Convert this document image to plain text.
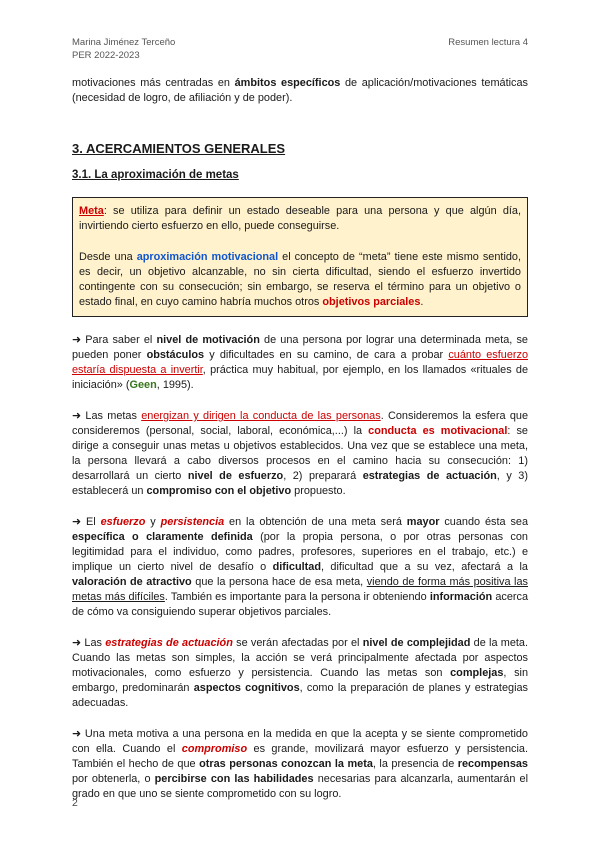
Marina Jiménez Terceño
PER 2022-2023
Resumen lectura 4

motivaciones más centradas en ámbitos específicos de aplicación/motivaciones temáticas (necesidad de logro, de afiliación y de poder).

3. ACERCAMIENTOS GENERALES
3.1. La aproximación de metas

Meta: se utiliza para definir un estado deseable para una persona y que algún día, invirtiendo cierto esfuerzo en ello, puede conseguirse.

Desde una aproximación motivacional el concepto de “meta” tiene este mismo sentido, es decir, un objetivo alcanzable, no sin cierta dificultad, siendo el esfuerzo invertido contingente con su consecución; sin embargo, se reserva el término para un objetivo o estado final, en cuyo camino habría muchos otros objetivos parciales.

➜ Para saber el nivel de motivación de una persona por lograr una determinada meta, se pueden poner obstáculos y dificultades en su camino, de cara a probar cuánto esfuerzo estaría dispuesta a invertir, práctica muy habitual, por ejemplo, en los llamados «rituales de iniciación» (Geen, 1995).

➜ Las metas energizan y dirigen la conducta de las personas. Consideremos la esfera que consideremos (personal, social, laboral, económica,...) la conducta es motivacional: se dirige a conseguir unas metas u objetivos establecidos. Una vez que se establece una meta, la persona llevará a cabo diversos procesos en el camino hacia su consecución: 1) desarrollará un cierto nivel de esfuerzo, 2) preparará estrategias de actuación, y 3) establecerá un compromiso con el objetivo propuesto.

➜ El esfuerzo y persistencia en la obtención de una meta será mayor cuando ésta sea específica o claramente definida (por la propia persona, o por otras personas con legitimidad para el individuo, como padres, profesores, superiores en el trabajo, etc.) e implique un cierto nivel de desafío o dificultad, dificultad que a su vez, afectará a la valoración de atractivo que la persona hace de esa meta, viendo de forma más positiva las metas más difíciles. También es importante para la persona ir obteniendo información acerca de cómo va consiguiendo superar objetivos parciales.

➜ Las estrategias de actuación se verán afectadas por el nivel de complejidad de la meta. Cuando las metas son simples, la acción se verá principalmente afectada por aspectos motivacionales, como esfuerzo y persistencia. Cuando las metas son complejas, sin embargo, predominarán aspectos cognitivos, como la preparación de planes y estrategias adecuadas.

➜ Una meta motiva a una persona en la medida en que la acepta y se siente comprometido con ella. Cuando el compromiso es grande, movilizará mayor esfuerzo y persistencia. También el hecho de que otras personas conozcan la meta, la presencia de recompensas por obtenerla, o percibirse con las habilidades necesarias para alcanzarla, aumentarán el grado en que uno se siente comprometido con su logro.

2
